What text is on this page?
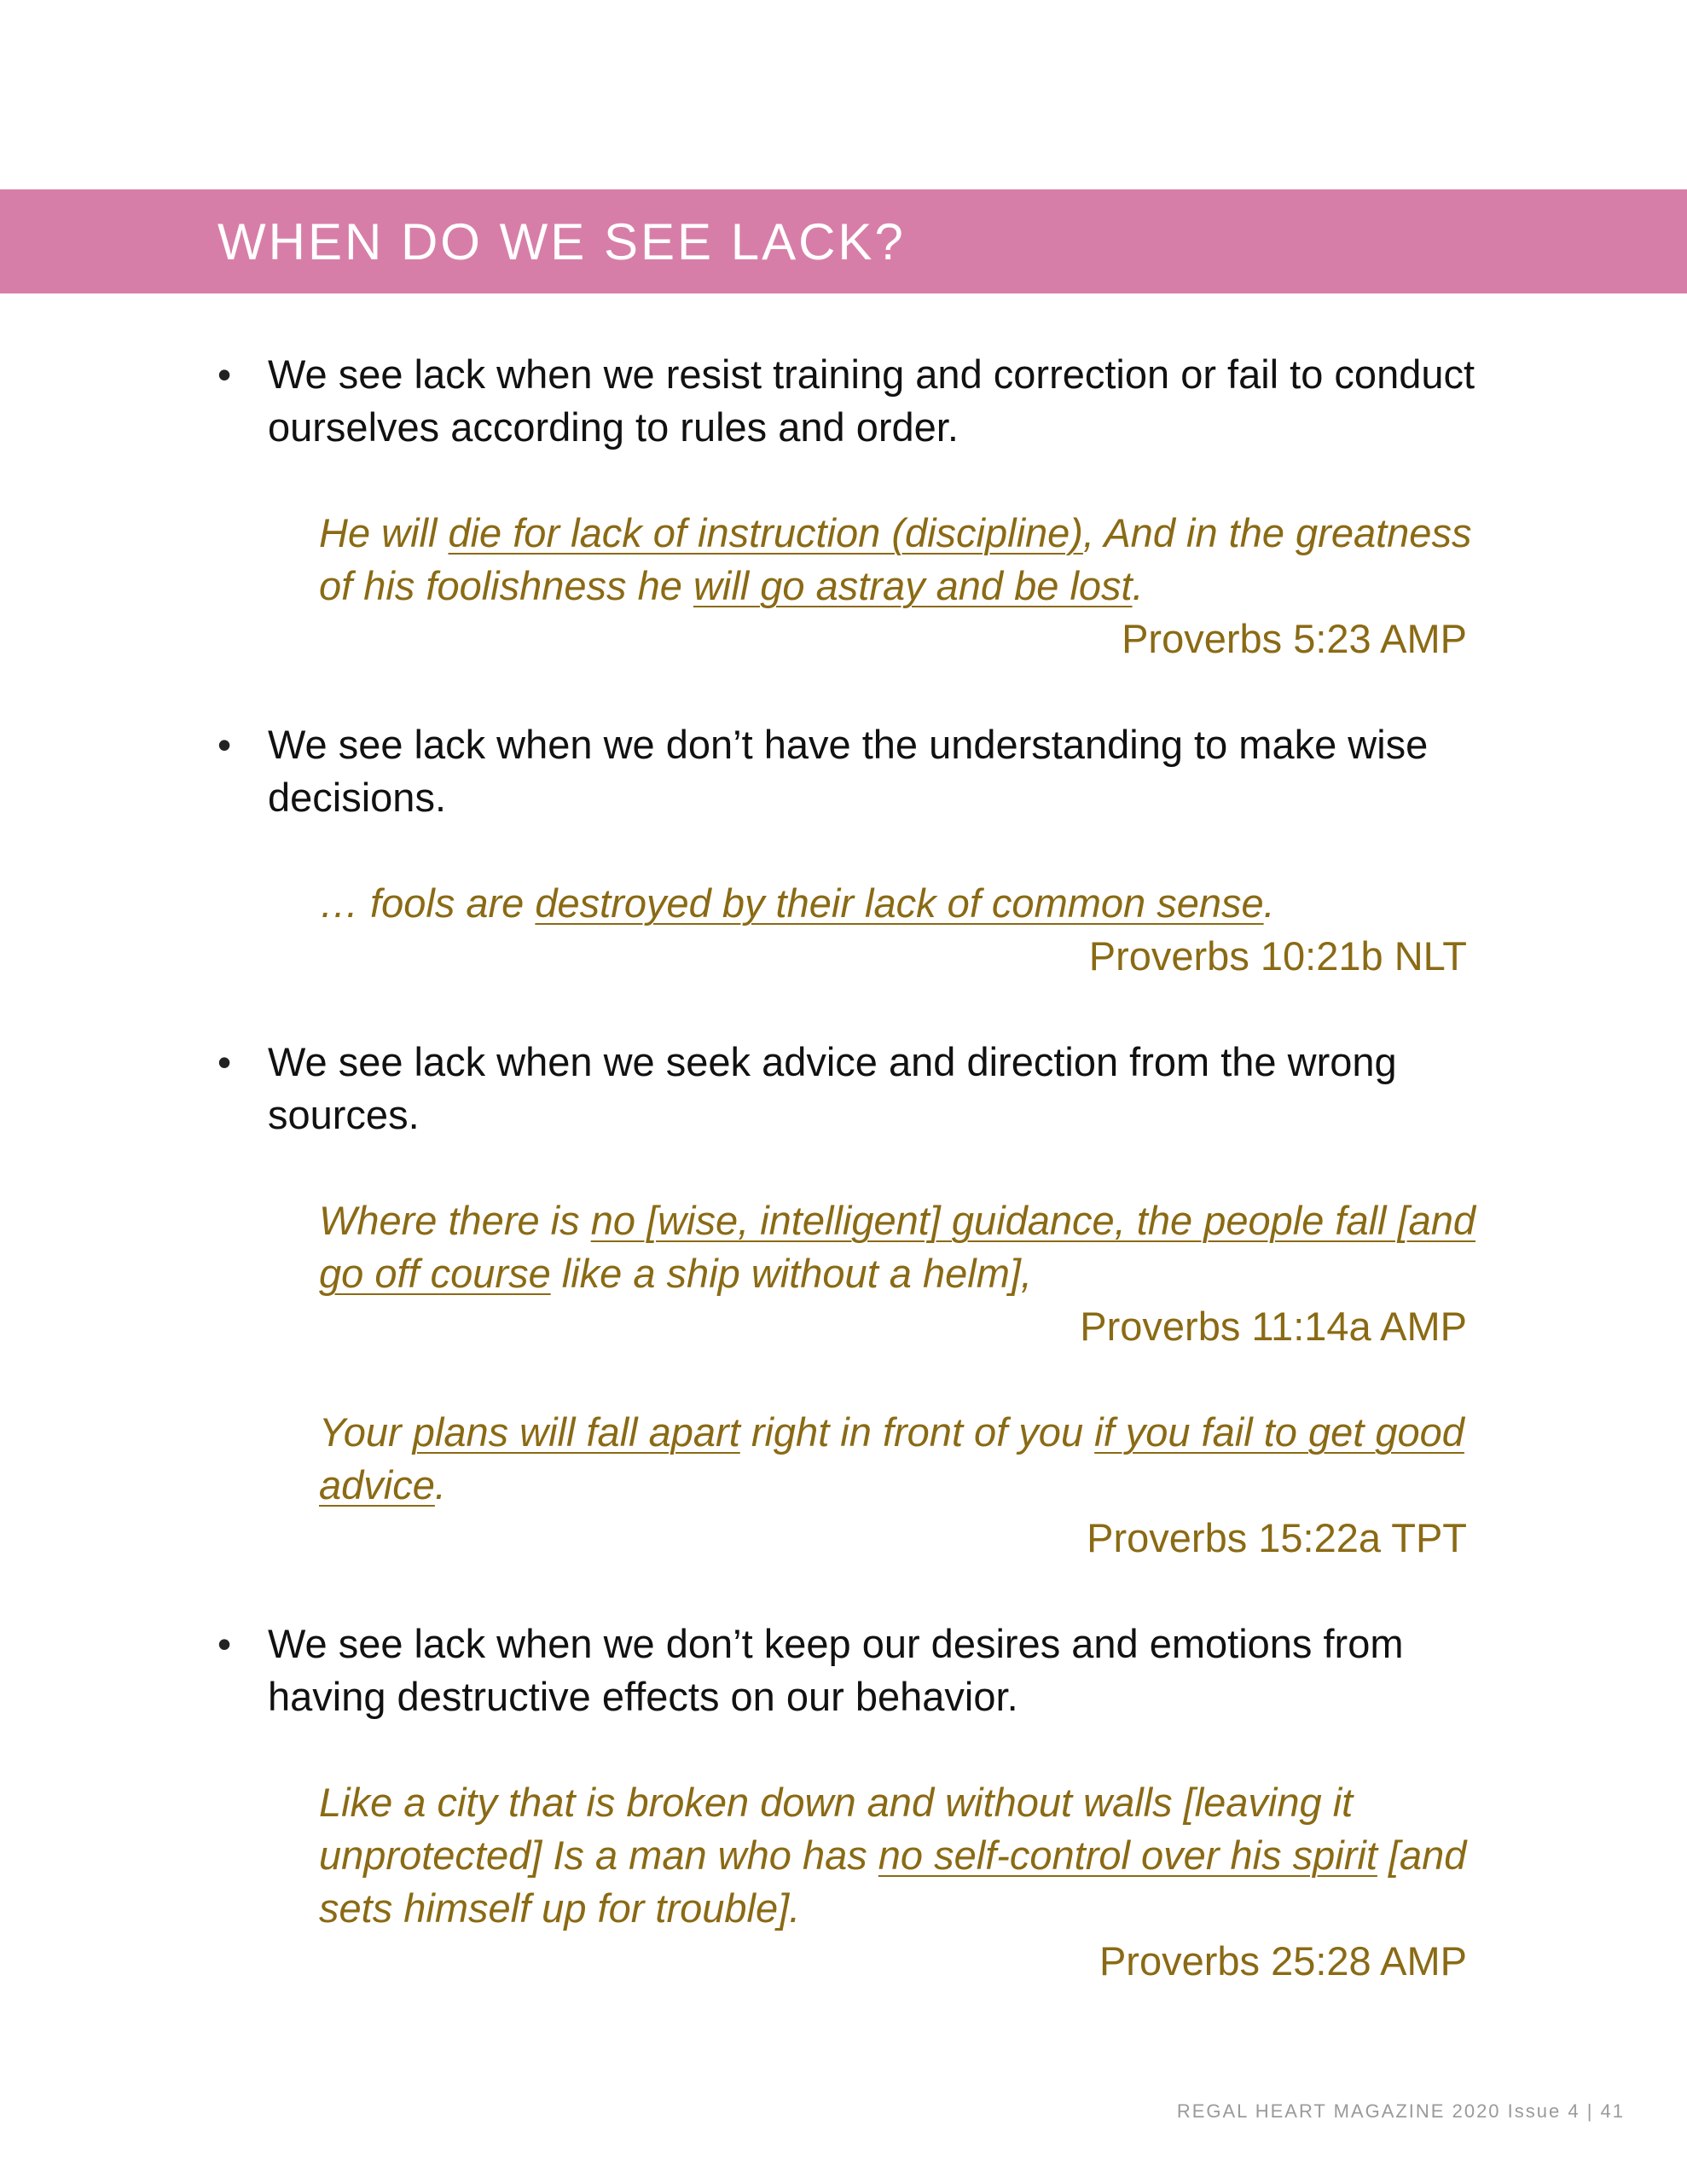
WHEN DO WE SEE LACK?
• We see lack when we resist training and correction or fail to conduct ourselves according to rules and order.

He will die for lack of instruction (discipline), And in the greatness of his foolishness he will go astray and be lost.

Proverbs 5:23 AMP
• We see lack when we don’t have the understanding to make wise decisions.

… fools are destroyed by their lack of common sense.

Proverbs 10:21b NLT
• We see lack when we seek advice and direction from the wrong sources.

Where there is no [wise, intelligent] guidance, the people fall [and go off course like a ship without a helm],

Proverbs 11:14a AMP

Your plans will fall apart right in front of you if you fail to get good advice.

Proverbs 15:22a TPT
• We see lack when we don’t keep our desires and emotions from having destructive effects on our behavior.

Like a city that is broken down and without walls [leaving it unprotected] Is a man who has no self-control over his spirit [and sets himself up for trouble].

Proverbs 25:28 AMP
REGAL HEART MAGAZINE 2020 Issue 4 | 41
